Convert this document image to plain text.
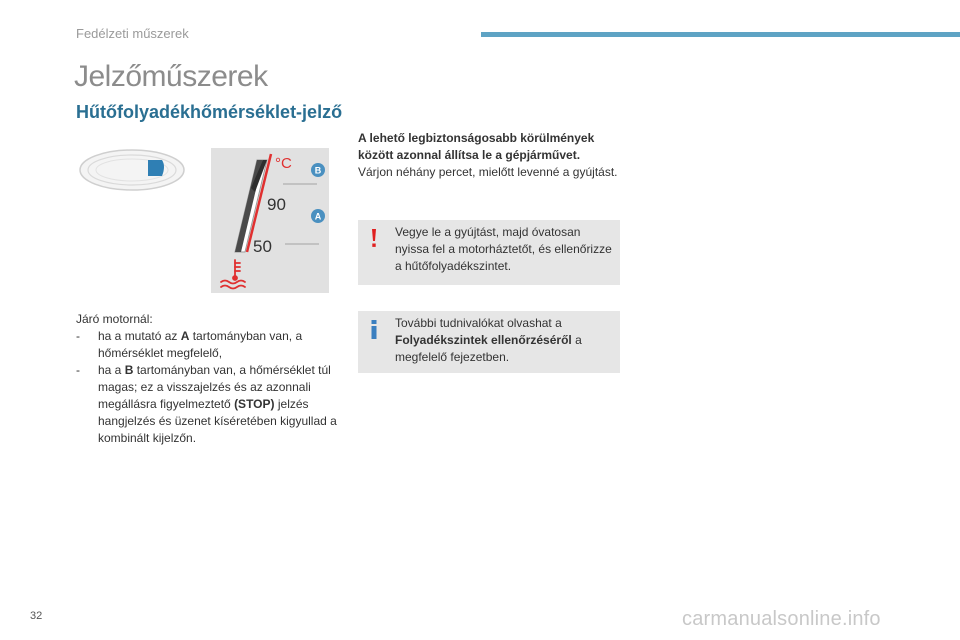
Fedélzeti műszerek
Jelzőműszerek
Hűtőfolyadékhőmérséklet-jelző
°C
90
50
B
A
Járó motornál:
- ha a mutató az A tartományban van, a hőmérséklet megfelelő,
- ha a B tartományban van, a hőmérséklet túl magas; ez a visszajelzés és az azonnali megállásra figyelmeztető (STOP) jelzés hangjelzés és üzenet kíséretében kigyullad a kombinált kijelzőn.
A lehető legbiztonságosabb körülmények között azonnal állítsa le a gépjárművet.
Várjon néhány percet, mielőtt levenné a gyújtást.
Vegye le a gyújtást, majd óvatosan nyissa fel a motorháztetőt, és ellenőrizze a hűtőfolyadékszintet.
További tudnivalókat olvashat a Folyadékszintek ellenőrzéséről a megfelelő fejezetben.
32	carmanualsonline.info
